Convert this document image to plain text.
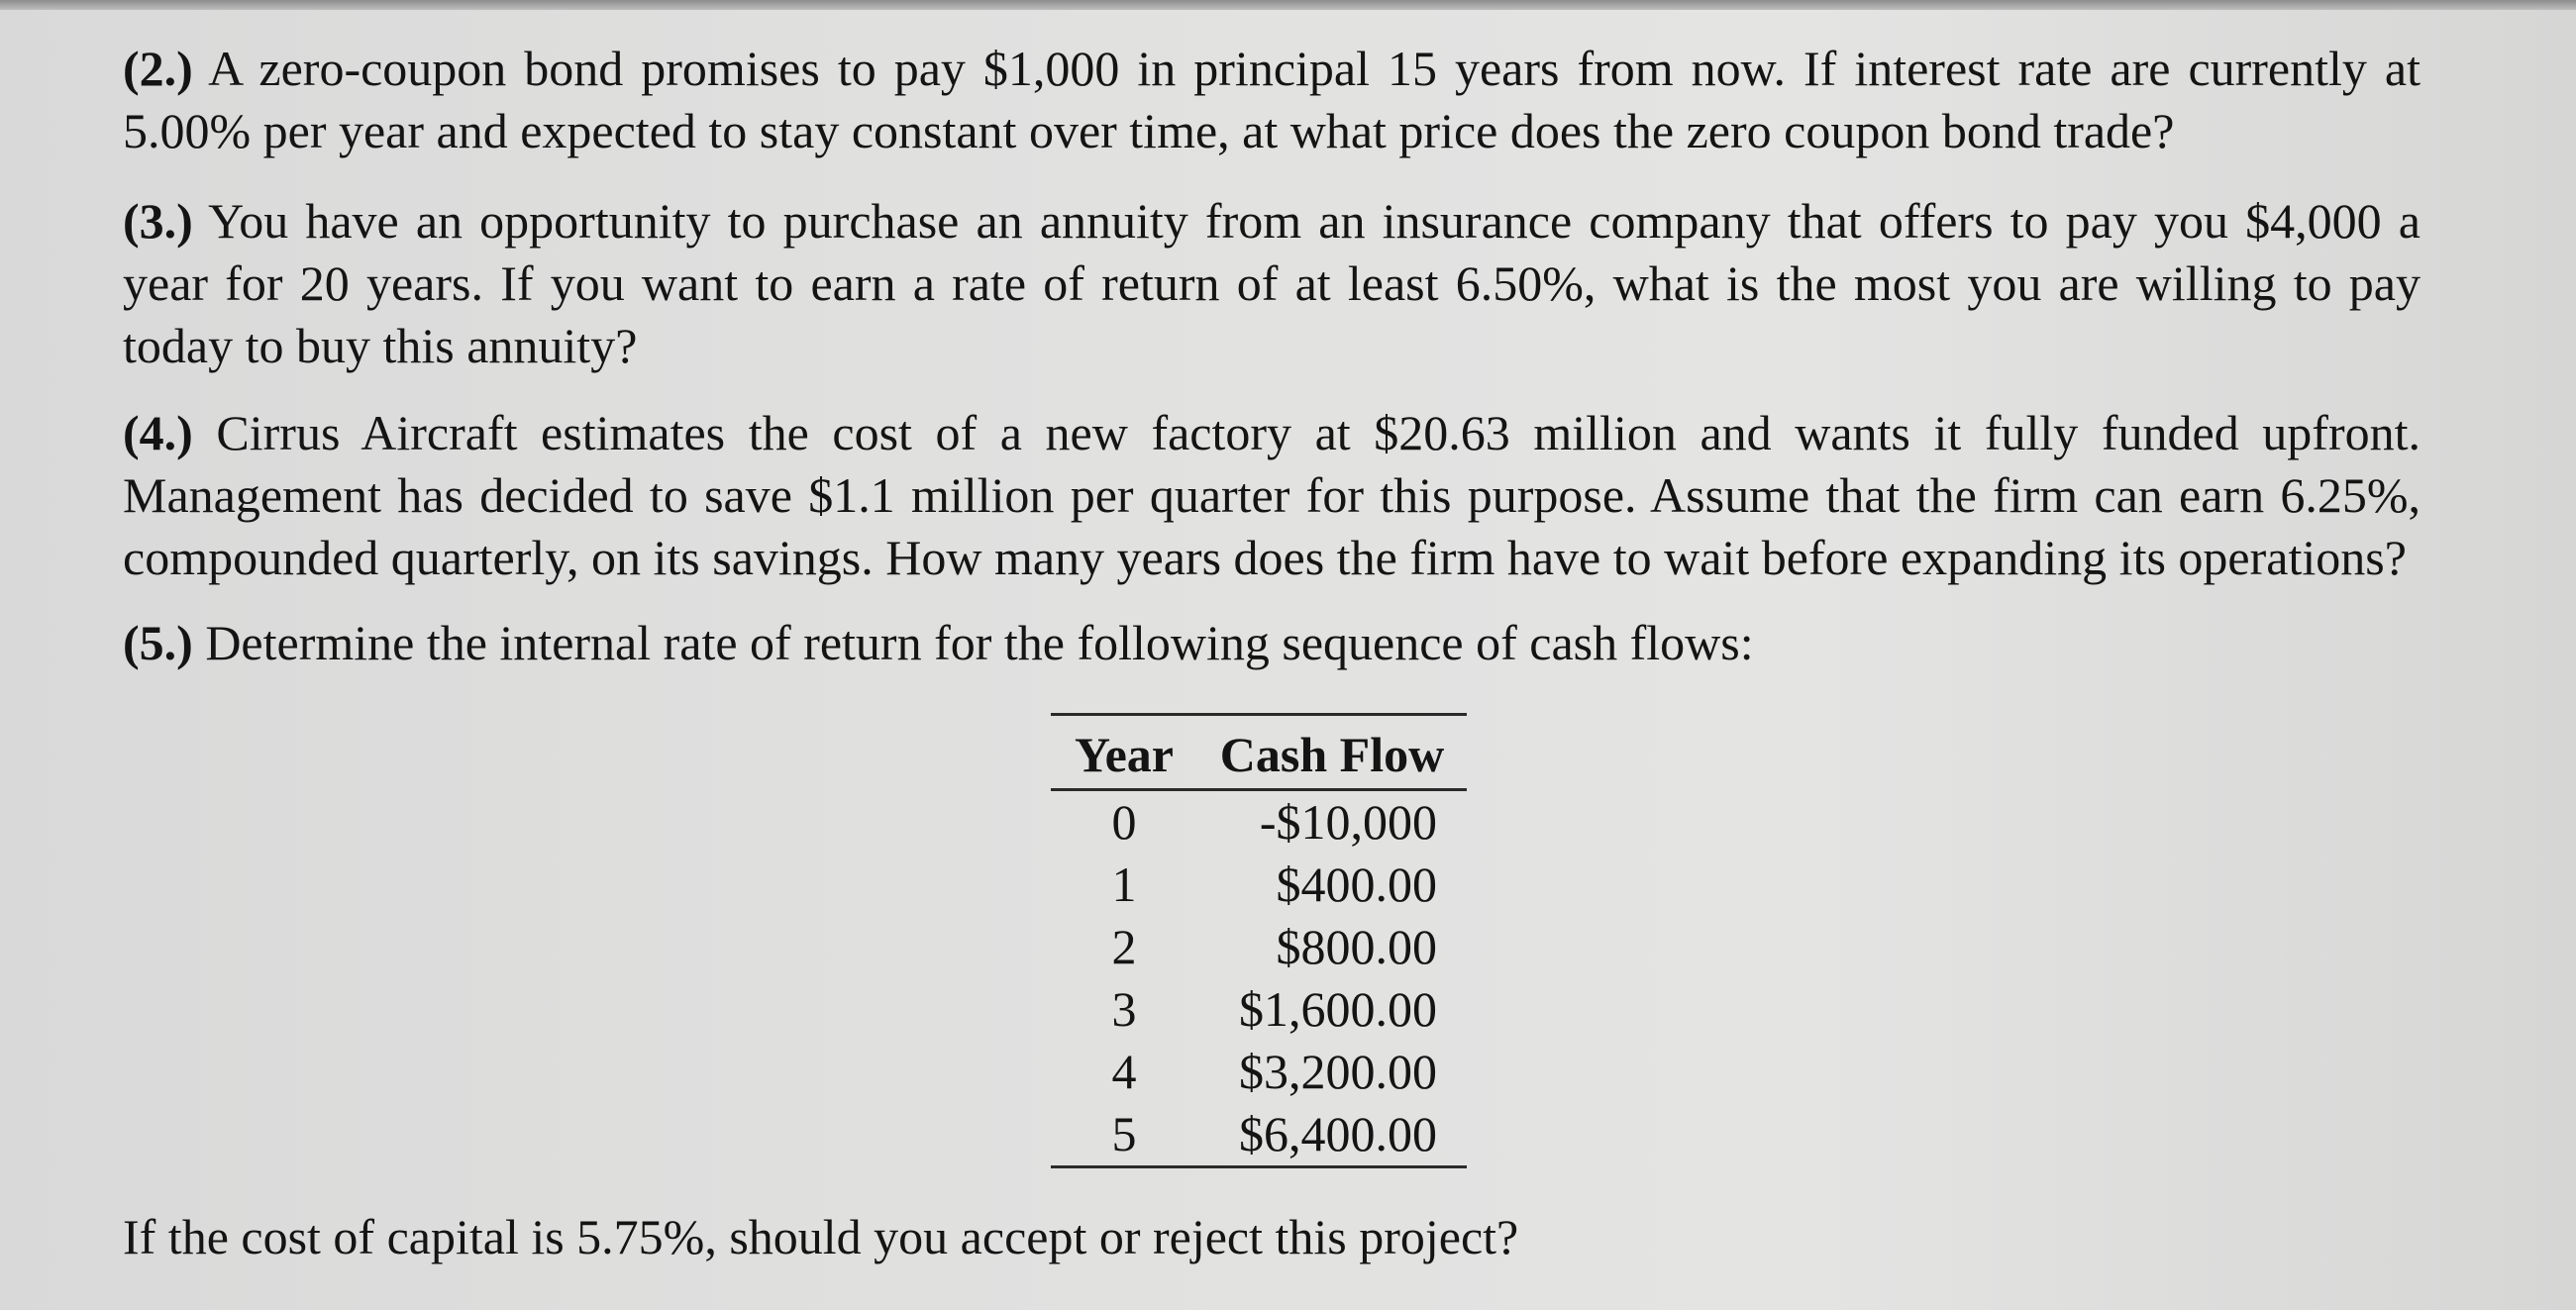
(2.) A zero-coupon bond promises to pay $1,000 in principal 15 years from now. If interest rate are currently at 5.00% per year and expected to stay constant over time, at what price does the zero coupon bond trade?
(3.) You have an opportunity to purchase an annuity from an insurance company that offers to pay you $4,000 a year for 20 years. If you want to earn a rate of return of at least 6.50%, what is the most you are willing to pay today to buy this annuity?
(4.) Cirrus Aircraft estimates the cost of a new factory at $20.63 million and wants it fully funded upfront. Management has decided to save $1.1 million per quarter for this purpose. Assume that the firm can earn 6.25%, compounded quarterly, on its savings. How many years does the firm have to wait before expanding its operations?
(5.) Determine the internal rate of return for the following sequence of cash flows:
Year	Cash Flow
0	-$10,000
1	$400.00
2	$800.00
3	$1,600.00
4	$3,200.00
5	$6,400.00
If the cost of capital is 5.75%, should you accept or reject this project?
